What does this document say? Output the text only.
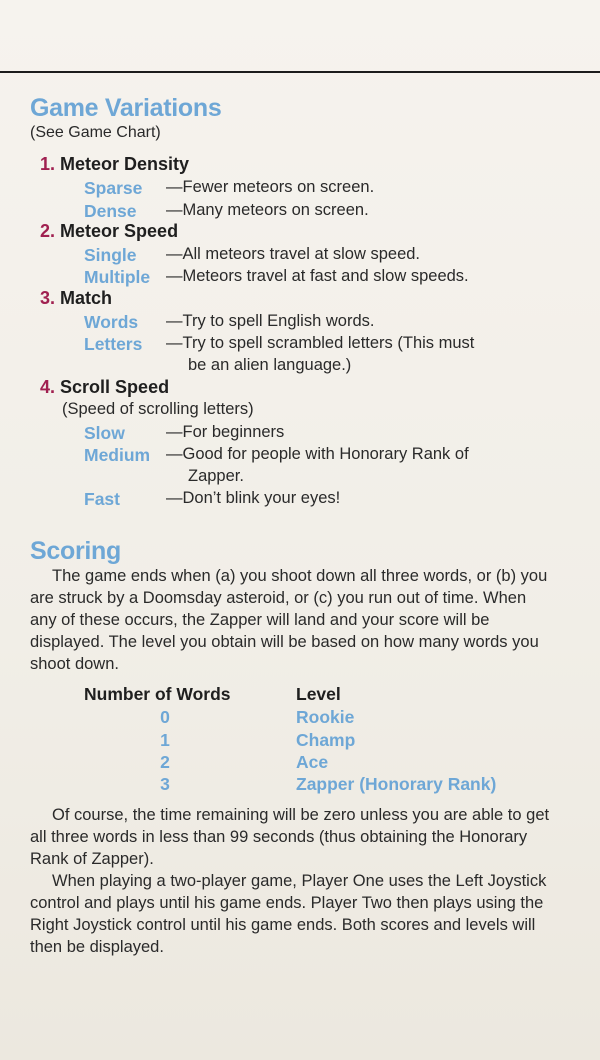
Game Variations
(See Game Chart)
1. Meteor Density
Sparse —Fewer meteors on screen.
Dense —Many meteors on screen.
2. Meteor Speed
Single —All meteors travel at slow speed.
Multiple —Meteors travel at fast and slow speeds.
3. Match
Words —Try to spell English words.
Letters —Try to spell scrambled letters (This must
be an alien language.)
4. Scroll Speed
(Speed of scrolling letters)
Slow —For beginners
Medium —Good for people with Honorary Rank of
Zapper.
Fast	—Don’t blink your eyes!
Scoring
The game ends when (a) you shoot down all three words, or (b) you are struck by a Doomsday asteroid, or (c) you run out of time. When any of these occurs, the Zapper will land and your score will be displayed. The level you obtain will be based on how many words you shoot down.
Number of Words	Level
0	Rookie
1	Champ
2	Ace
3	Zapper (Honorary Rank)
Of course, the time remaining will be zero unless you are able to get all three words in less than 99 seconds (thus obtaining the Honorary Rank of Zapper).
When playing a two-player game, Player One uses the Left Joystick control and plays until his game ends. Player Two then plays using the Right Joystick control until his game ends. Both scores and levels will then be displayed.
